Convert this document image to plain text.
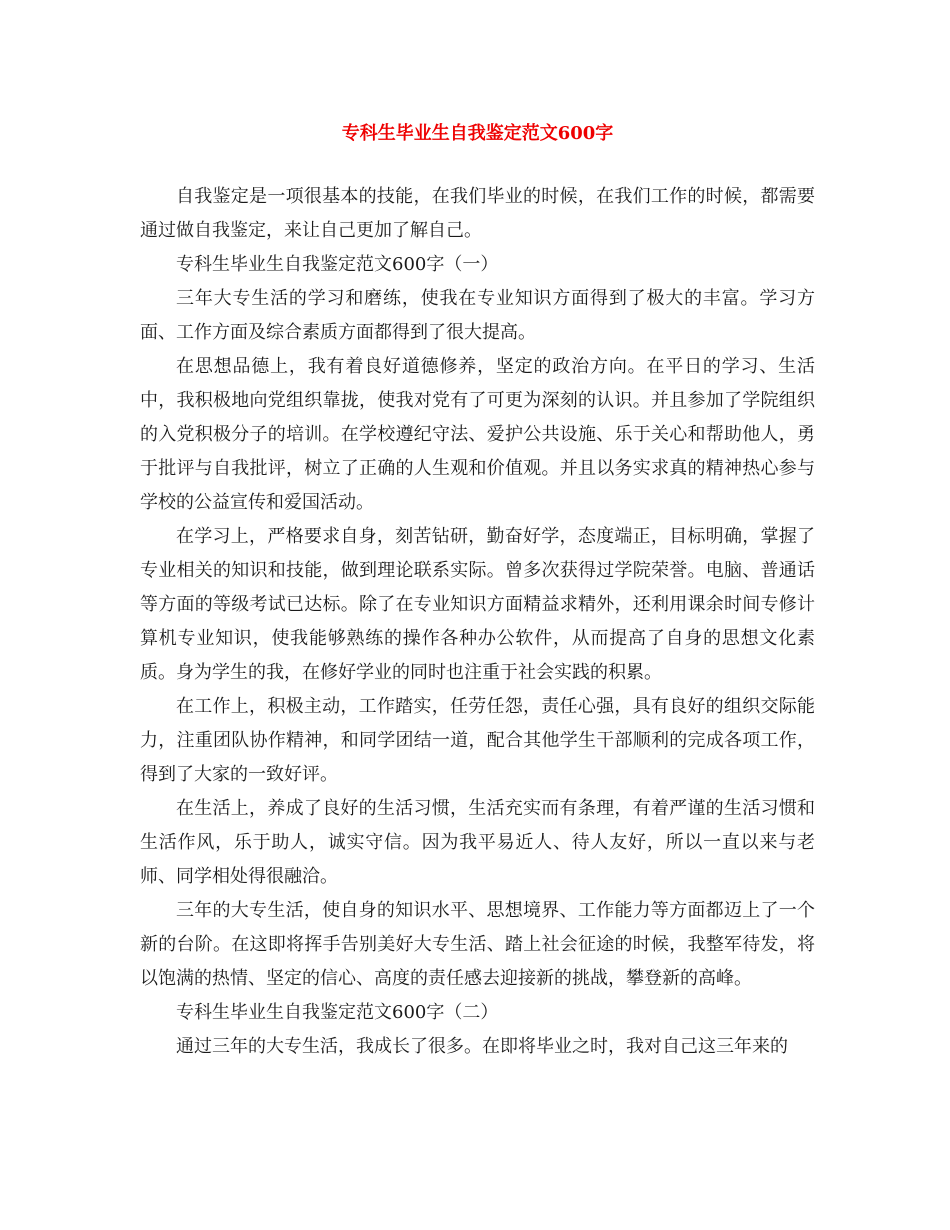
专科生毕业生自我鉴定范文600字

自我鉴定是一项很基本的技能，在我们毕业的时候，在我们工作的时候，都需要通过做自我鉴定，来让自己更加了解自己。

专科生毕业生自我鉴定范文600字（一）

三年大专生活的学习和磨练，使我在专业知识方面得到了极大的丰富。学习方面、工作方面及综合素质方面都得到了很大提高。

在思想品德上，我有着良好道德修养，坚定的政治方向。在平日的学习、生活中，我积极地向党组织靠拢，使我对党有了可更为深刻的认识。并且参加了学院组织的入党积极分子的培训。在学校遵纪守法、爱护公共设施、乐于关心和帮助他人，勇于批评与自我批评，树立了正确的人生观和价值观。并且以务实求真的精神热心参与学校的公益宣传和爱国活动。

在学习上，严格要求自身，刻苦钻研，勤奋好学，态度端正，目标明确，掌握了专业相关的知识和技能，做到理论联系实际。曾多次获得过学院荣誉。电脑、普通话等方面的等级考试已达标。除了在专业知识方面精益求精外，还利用课余时间专修计算机专业知识，使我能够熟练的操作各种办公软件，从而提高了自身的思想文化素质。身为学生的我，在修好学业的同时也注重于社会实践的积累。

在工作上，积极主动，工作踏实，任劳任怨，责任心强，具有良好的组织交际能力，注重团队协作精神，和同学团结一道，配合其他学生干部顺利的完成各项工作，得到了大家的一致好评。

在生活上，养成了良好的生活习惯，生活充实而有条理，有着严谨的生活习惯和生活作风，乐于助人，诚实守信。因为我平易近人、待人友好，所以一直以来与老师、同学相处得很融洽。

三年的大专生活，使自身的知识水平、思想境界、工作能力等方面都迈上了一个新的台阶。在这即将挥手告别美好大专生活、踏上社会征途的时候，我整军待发，将以饱满的热情、坚定的信心、高度的责任感去迎接新的挑战，攀登新的高峰。

专科生毕业生自我鉴定范文600字（二）

通过三年的大专生活，我成长了很多。在即将毕业之时，我对自己这三年来的
